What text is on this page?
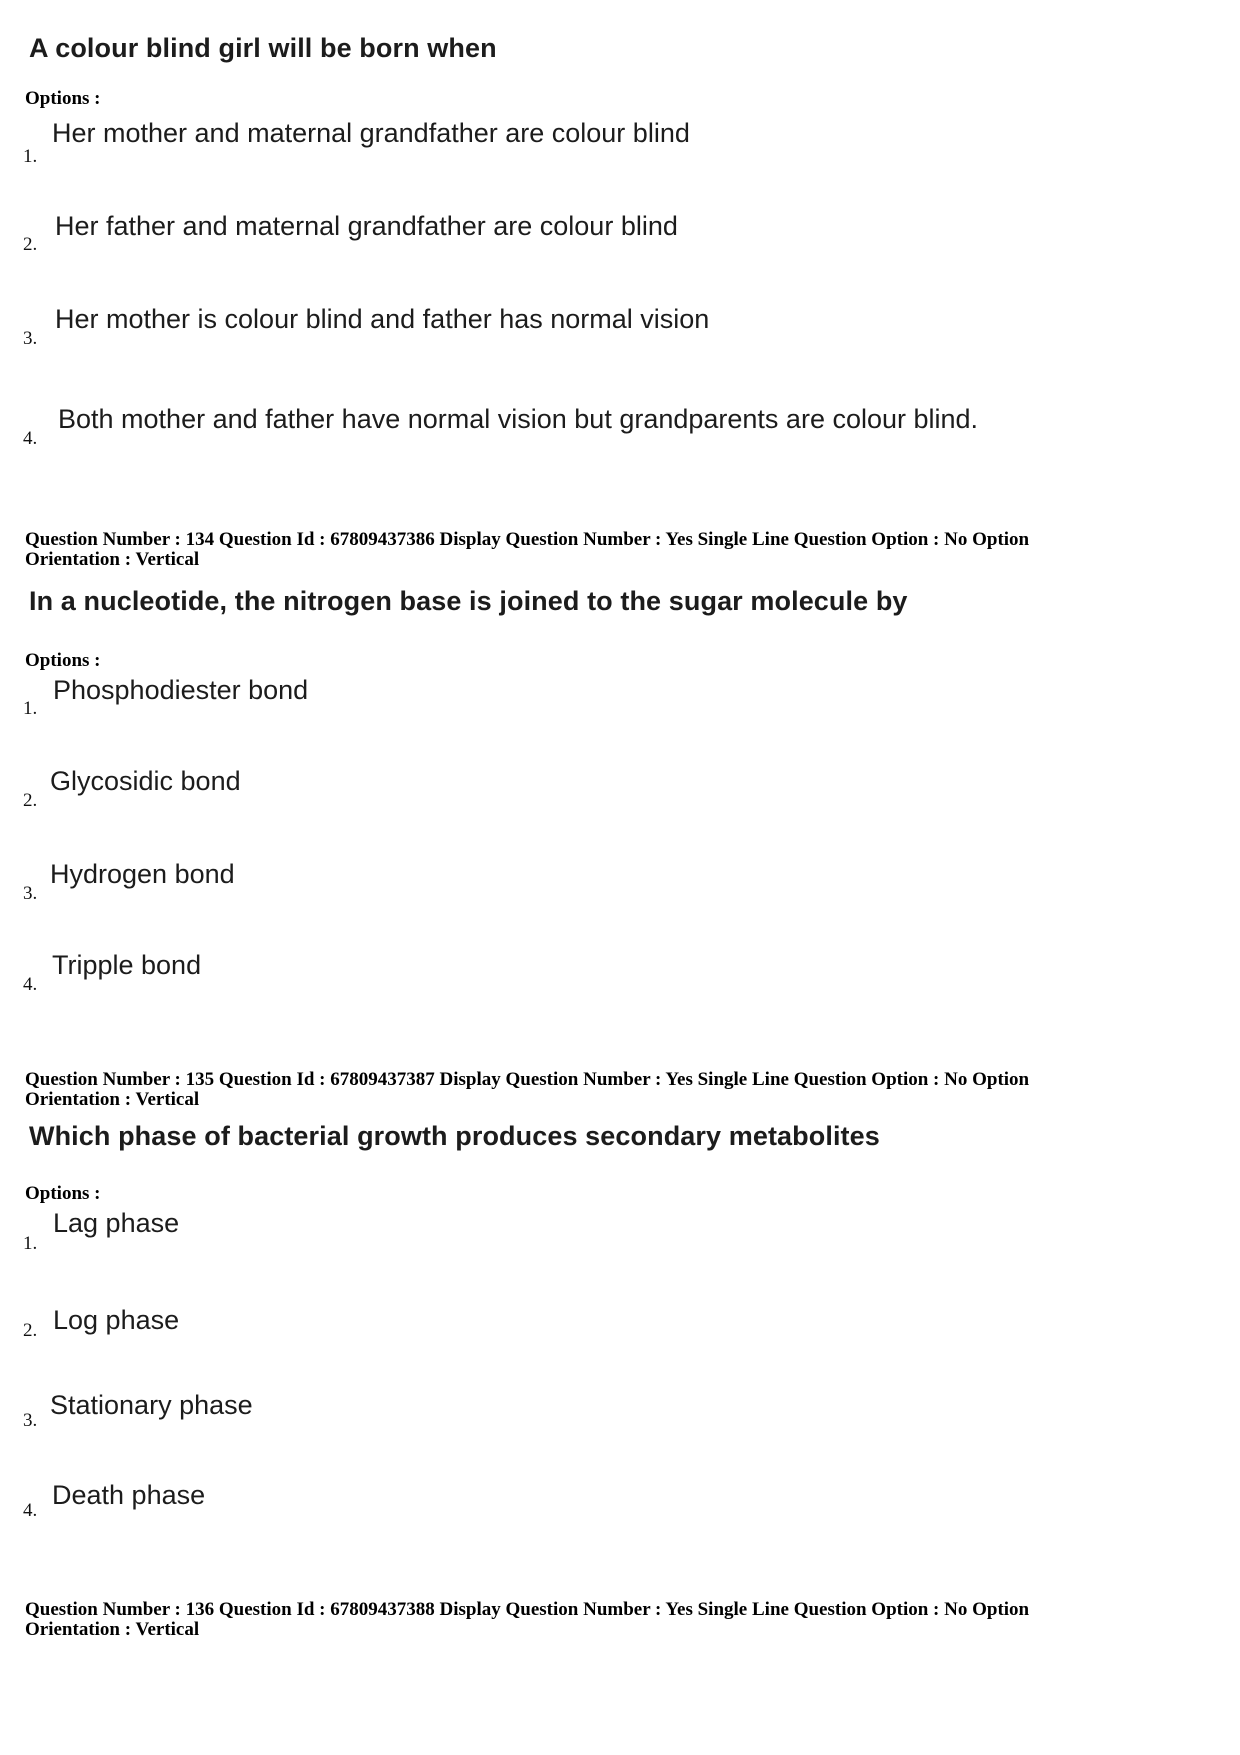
A colour blind girl will be born when
Options :
1.
Her mother and maternal grandfather are colour blind
2.
Her father and maternal grandfather are colour blind
3.
Her mother is colour blind and father has normal vision
4.
Both mother and father have normal vision but grandparents are colour blind.
Question Number : 134 Question Id : 67809437386 Display Question Number : Yes Single Line Question Option : No Option
Orientation : Vertical
In a nucleotide, the nitrogen base is joined to the sugar molecule by
Options :
1.
Phosphodiester bond
2.
Glycosidic bond
3.
Hydrogen bond
4.
Tripple bond
Question Number : 135 Question Id : 67809437387 Display Question Number : Yes Single Line Question Option : No Option
Orientation : Vertical
Which phase of bacterial growth produces secondary metabolites
Options :
1.
Lag phase
2. Log phase
3.
Stationary phase
4.
Death phase
Question Number : 136 Question Id : 67809437388 Display Question Number : Yes Single Line Question Option : No Option
Orientation : Vertical
